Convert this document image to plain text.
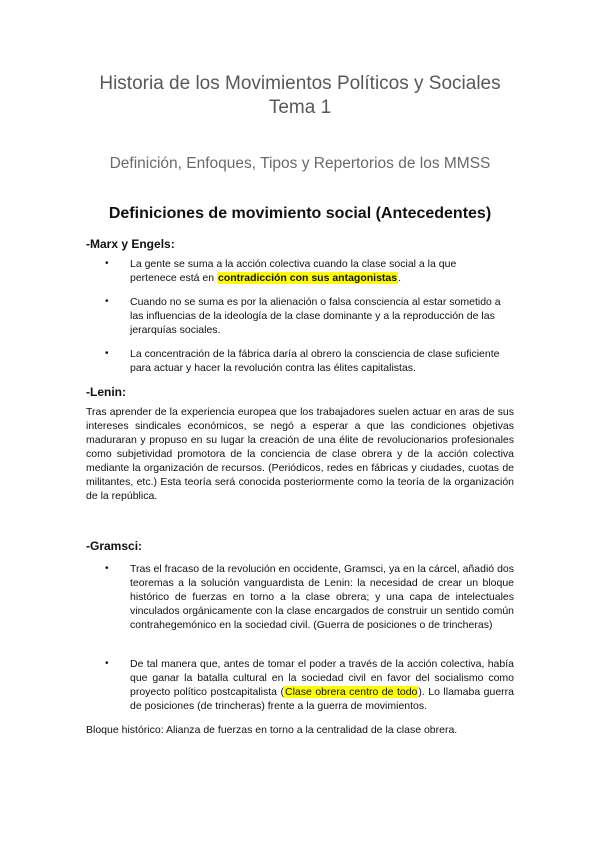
Historia de los Movimientos Políticos y Sociales
Tema 1
Definición, Enfoques, Tipos y Repertorios de los MMSS
Definiciones de movimiento social (Antecedentes)
-Marx y Engels:
• La gente se suma a la acción colectiva cuando la clase social a la que pertenece está en contradicción con sus antagonistas.
• Cuando no se suma es por la alienación o falsa consciencia al estar sometido a las influencias de la ideología de la clase dominante y a la reproducción de las jerarquías sociales.
• La concentración de la fábrica daría al obrero la consciencia de clase suficiente para actuar y hacer la revolución contra las élites capitalistas.
-Lenin:
Tras aprender de la experiencia europea que los trabajadores suelen actuar en aras de sus intereses sindicales económicos, se negó a esperar a que las condiciones objetivas maduraran y propuso en su lugar la creación de una élite de revolucionarios profesionales como subjetividad promotora de la conciencia de clase obrera y de la acción colectiva mediante la organización de recursos. (Periódicos, redes en fábricas y ciudades, cuotas de militantes, etc.) Esta teoría será conocida posteriormente como la teoría de la organización de la república.
-Gramsci:
• Tras el fracaso de la revolución en occidente, Gramsci, ya en la cárcel, añadió dos teoremas a la solución vanguardista de Lenin: la necesidad de crear un bloque histórico de fuerzas en torno a la clase obrera; y una capa de intelectuales vinculados orgánicamente con la clase encargados de construir un sentido común contrahegemónico en la sociedad civil. (Guerra de posiciones o de trincheras)
• De tal manera que, antes de tomar el poder a través de la acción colectiva, había que ganar la batalla cultural en la sociedad civil en favor del socialismo como proyecto político postcapitalista (Clase obrera centro de todo). Lo llamaba guerra de posiciones (de trincheras) frente a la guerra de movimientos.
Bloque histórico: Alianza de fuerzas en torno a la centralidad de la clase obrera.
